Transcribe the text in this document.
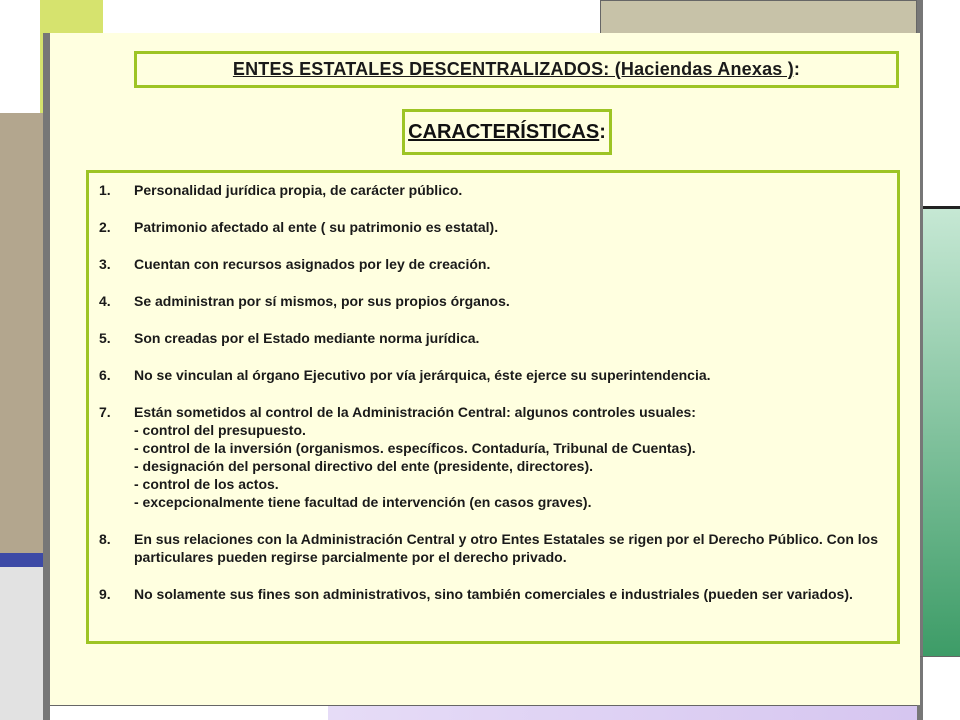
ENTES ESTATALES DESCENTRALIZADOS: (Haciendas Anexas ) :
CARACTERÍSTICAS :
1.	Personalidad jurídica propia, de carácter público.
2.	Patrimonio afectado al ente ( su patrimonio es estatal).
3.	Cuentan con recursos asignados por ley de creación.
4.	Se administran por sí mismos, por sus propios órganos.
5.	Son creadas por el Estado mediante norma jurídica.
6.	No se vinculan al órgano Ejecutivo por vía jerárquica, éste ejerce su superintendencia.
7.	Están sometidos al control de la Administración Central: algunos controles usuales:
- control del presupuesto.
- control de la inversión (organismos. específicos. Contaduría, Tribunal de Cuentas).
- designación del personal directivo del ente (presidente, directores).
- control de los actos.
- excepcionalmente tiene facultad de intervención (en casos graves).
8.	En sus relaciones con la Administración Central y otro Entes Estatales se rigen por el Derecho Público. Con los particulares pueden regirse parcialmente por el derecho privado.
9.	No solamente sus fines son administrativos, sino también comerciales e industriales (pueden ser variados).
